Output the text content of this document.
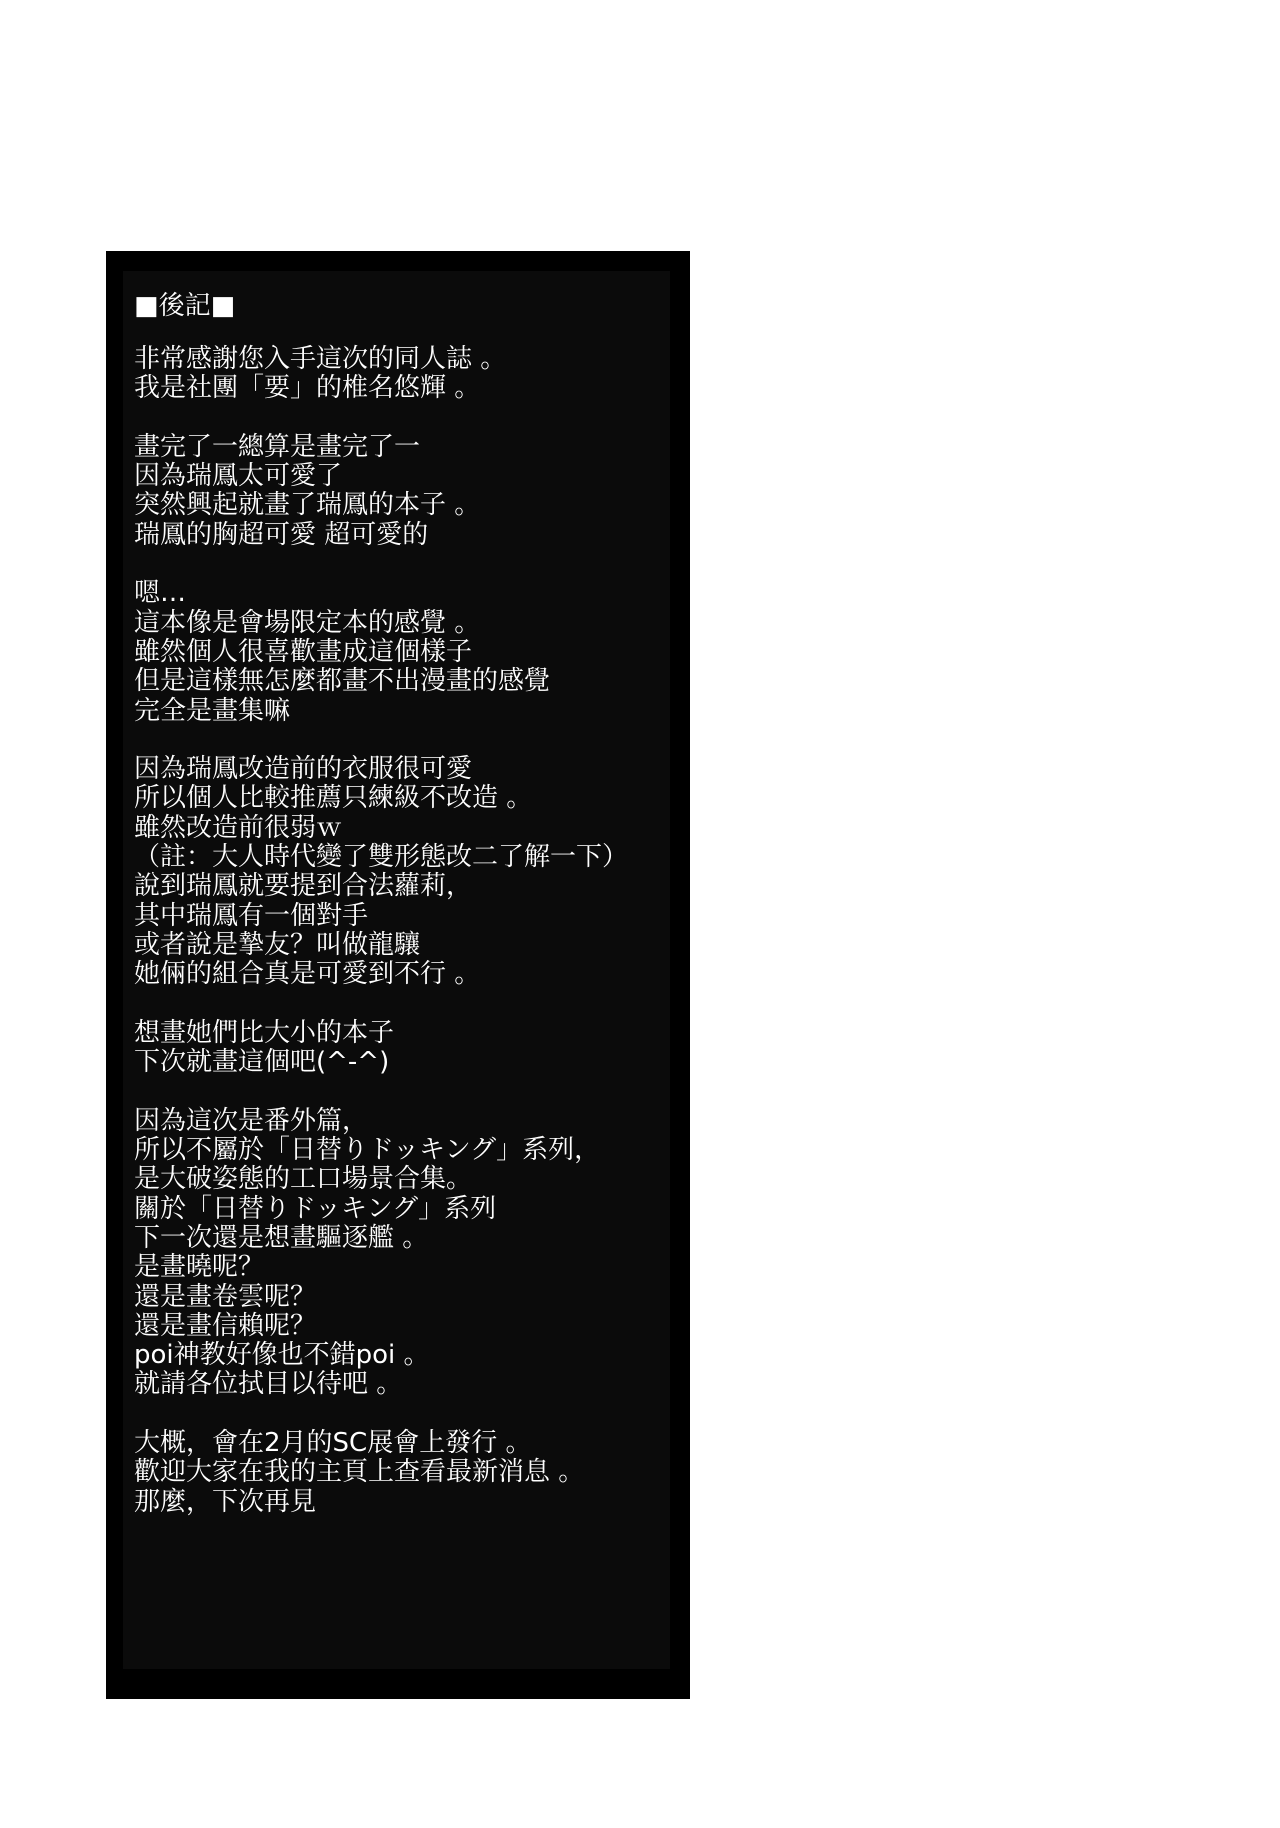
■後記■
非常感謝您入手這次的同人誌 。
我是社團「要」的椎名悠輝 。
畫完了一總算是畫完了一
因為瑞鳳太可愛了
突然興起就畫了瑞鳳的本子 。
瑞鳳的胸超可愛 超可愛的
嗯…
這本像是會場限定本的感覺 。
雖然個人很喜歡畫成這個樣子
但是這樣無怎麼都畫不出漫畫的感覺
完全是畫集嘛
因為瑞鳳改造前的衣服很可愛
所以個人比較推薦只練級不改造 。
雖然改造前很弱ｗ
（註：大人時代變了雙形態改二了解一下）
說到瑞鳳就要提到合法蘿莉，
其中瑞鳳有一個對手
或者說是摯友？叫做龍驤
她倆的組合真是可愛到不行 。
想畫她們比大小的本子
下次就畫這個吧(^-^)
因為這次是番外篇，
所以不屬於「日替りドッキング」系列，
是大破姿態的工口場景合集。
關於「日替りドッキング」系列
下一次還是想畫驅逐艦 。
是畫曉呢？
還是畫卷雲呢？
還是畫信賴呢？
poi神教好像也不錯poi 。
就請各位拭目以待吧 。
大概，會在2月的SC展會上發行 。
歡迎大家在我的主頁上查看最新消息 。
那麼，下次再見
